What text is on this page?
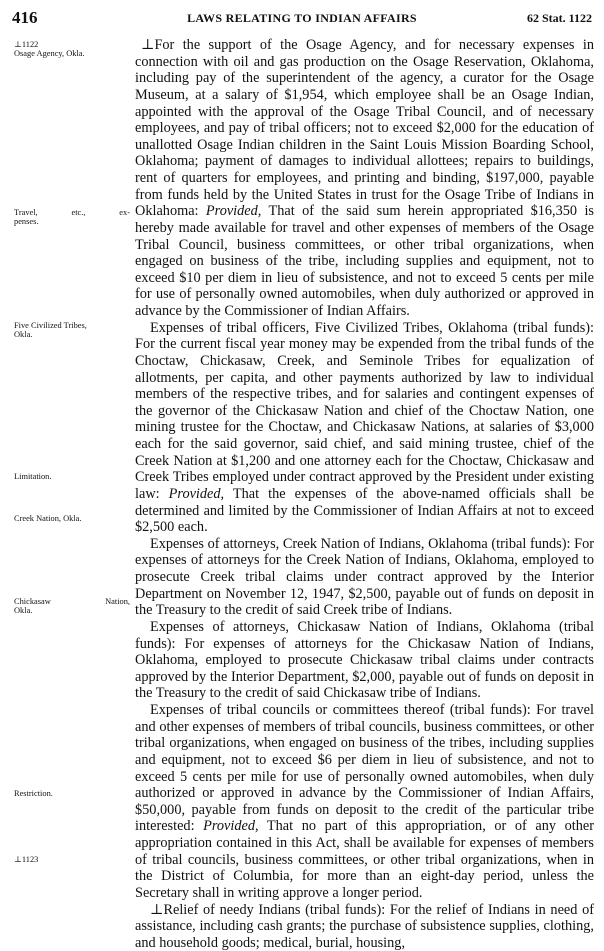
416	LAWS RELATING TO INDIAN AFFAIRS	62 Stat. 1122
⊥1122
Osage Agency, Okla.
Travel, etc., ex-
penses.
Five Civilized Tribes,
Okla.
Limitation.
Creek Nation, Okla.
Chickasaw Nation,
Okla.
Restriction.
⊥1123

⊥For the support of the Osage Agency, and for necessary expenses in connection with oil and gas production on the Osage Reservation, Oklahoma, including pay of the superintendent of the agency, a curator for the Osage Museum, at a salary of $1,954, which employee shall be an Osage Indian, appointed with the approval of the Osage Tribal Council, and of necessary employees, and pay of tribal officers; not to exceed $2,000 for the education of unallotted Osage Indian children in the Saint Louis Mission Boarding School, Oklahoma; payment of damages to individual allottees; repairs to buildings, rent of quarters for employees, and printing and binding, $197,000, payable from funds held by the United States in trust for the Osage Tribe of Indians in Oklahoma: Provided, That of the said sum herein appropriated $16,350 is hereby made available for travel and other expenses of members of the Osage Tribal Council, business committees, or other tribal organizations, when engaged on business of the tribe, including supplies and equipment, not to exceed $10 per diem in lieu of subsistence, and not to exceed 5 cents per mile for use of personally owned automobiles, when duly authorized or approved in advance by the Commissioner of Indian Affairs.

Expenses of tribal officers, Five Civilized Tribes, Oklahoma (tribal funds): For the current fiscal year money may be expended from the tribal funds of the Choctaw, Chickasaw, Creek, and Seminole Tribes for equalization of allotments, per capita, and other payments authorized by law to individual members of the respective tribes, and for salaries and contingent expenses of the governor of the Chickasaw Nation and chief of the Choctaw Nation, one mining trustee for the Choctaw, and Chickasaw Nations, at salaries of $3,000 each for the said governor, said chief, and said mining trustee, chief of the Creek Nation at $1,200 and one attorney each for the Choctaw, Chickasaw and Creek Tribes employed under contract approved by the President under existing law: Provided, That the expenses of the above-named officials shall be determined and limited by the Commissioner of Indian Affairs at not to exceed $2,500 each.

Expenses of attorneys, Creek Nation of Indians, Oklahoma (tribal funds): For expenses of attorneys for the Creek Nation of Indians, Oklahoma, employed to prosecute Creek tribal claims under contract approved by the Interior Department on November 12, 1947, $2,500, payable out of funds on deposit in the Treasury to the credit of said Creek tribe of Indians.

Expenses of attorneys, Chickasaw Nation of Indians, Oklahoma (tribal funds): For expenses of attorneys for the Chickasaw Nation of Indians, Oklahoma, employed to prosecute Chickasaw tribal claims under contracts approved by the Interior Department, $2,000, payable out of funds on deposit in the Treasury to the credit of said Chickasaw tribe of Indians.

Expenses of tribal councils or committees thereof (tribal funds): For travel and other expenses of members of tribal councils, business committees, or other tribal organizations, when engaged on business of the tribes, including supplies and equipment, not to exceed $6 per diem in lieu of subsistence, and not to exceed 5 cents per mile for use of personally owned automobiles, when duly authorized or approved in advance by the Commissioner of Indian Affairs, $50,000, payable from funds on deposit to the credit of the particular tribe interested: Provided, That no part of this appropriation, or of any other appropriation contained in this Act, shall be available for expenses of members of tribal councils, business committees, or other tribal organizations, when in the District of Columbia, for more than an eight-day period, unless the Secretary shall in writing approve a longer period.

⊥Relief of needy Indians (tribal funds): For the relief of Indians in need of assistance, including cash grants; the purchase of subsistence supplies, clothing, and household goods; medical, burial, housing,
